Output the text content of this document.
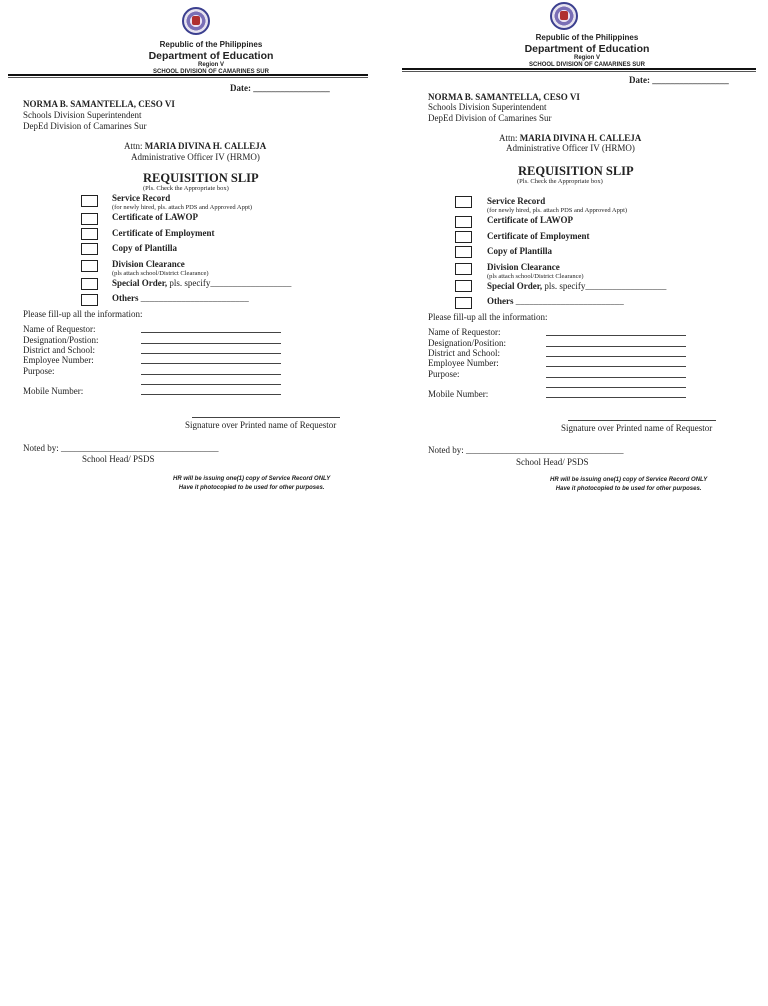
Republic of the Philippines
Department of Education
Region V
SCHOOL DIVISION OF CAMARINES SUR
Date: _________________
NORMA B. SAMANTELLA, CESO VI
Schools Division Superintendent
DepEd Division of Camarines Sur
Attn: MARIA DIVINA H. CALLEJA
Administrative Officer IV (HRMO)
REQUISITION SLIP
(Pls. Check the Appropriate box)
Service Record
(for newly hired, pls. attach PDS and Approved Appt)
Certificate of LAWOP
Certificate of Employment
Copy of Plantilla
Division Clearance
(pls attach school/District Clearance)
Special Order, pls. specify__________________
Others ________________________
Please fill-up all the information:
Name of Requestor:
Designation/Postion:
District and School:
Employee Number:
Purpose:
Mobile Number:
Signature over Printed name of Requestor
Noted by: ___________________________________
School Head/ PSDS
HR will be issuing one(1) copy of Service Record ONLY
Have it photocopied to be used for other purposes.
Republic of the Philippines
Department of Education
Region V
SCHOOL DIVISION OF CAMARINES SUR
Date: _________________
NORMA B. SAMANTELLA, CESO VI
Schools Division Superintendent
DepEd Division of Camarines Sur
Attn: MARIA DIVINA H. CALLEJA
Administrative Officer IV (HRMO)
REQUISITION SLIP
(Pls. Check the Appropriate box)
Service Record
(for newly hired, pls. attach PDS and Approved Appt)
Certificate of LAWOP
Certificate of Employment
Copy of Plantilla
Division Clearance
(pls attach school/District Clearance)
Special Order, pls. specify__________________
Others ________________________
Please fill-up all the information:
Name of Requestor:
Designation/Position:
District and School:
Employee Number:
Purpose:
Mobile Number:
Signature over Printed name of Requestor
Noted by: ___________________________________
School Head/ PSDS
HR will be issuing one(1) copy of Service Record ONLY
Have it photocopied to be used for other purposes.
